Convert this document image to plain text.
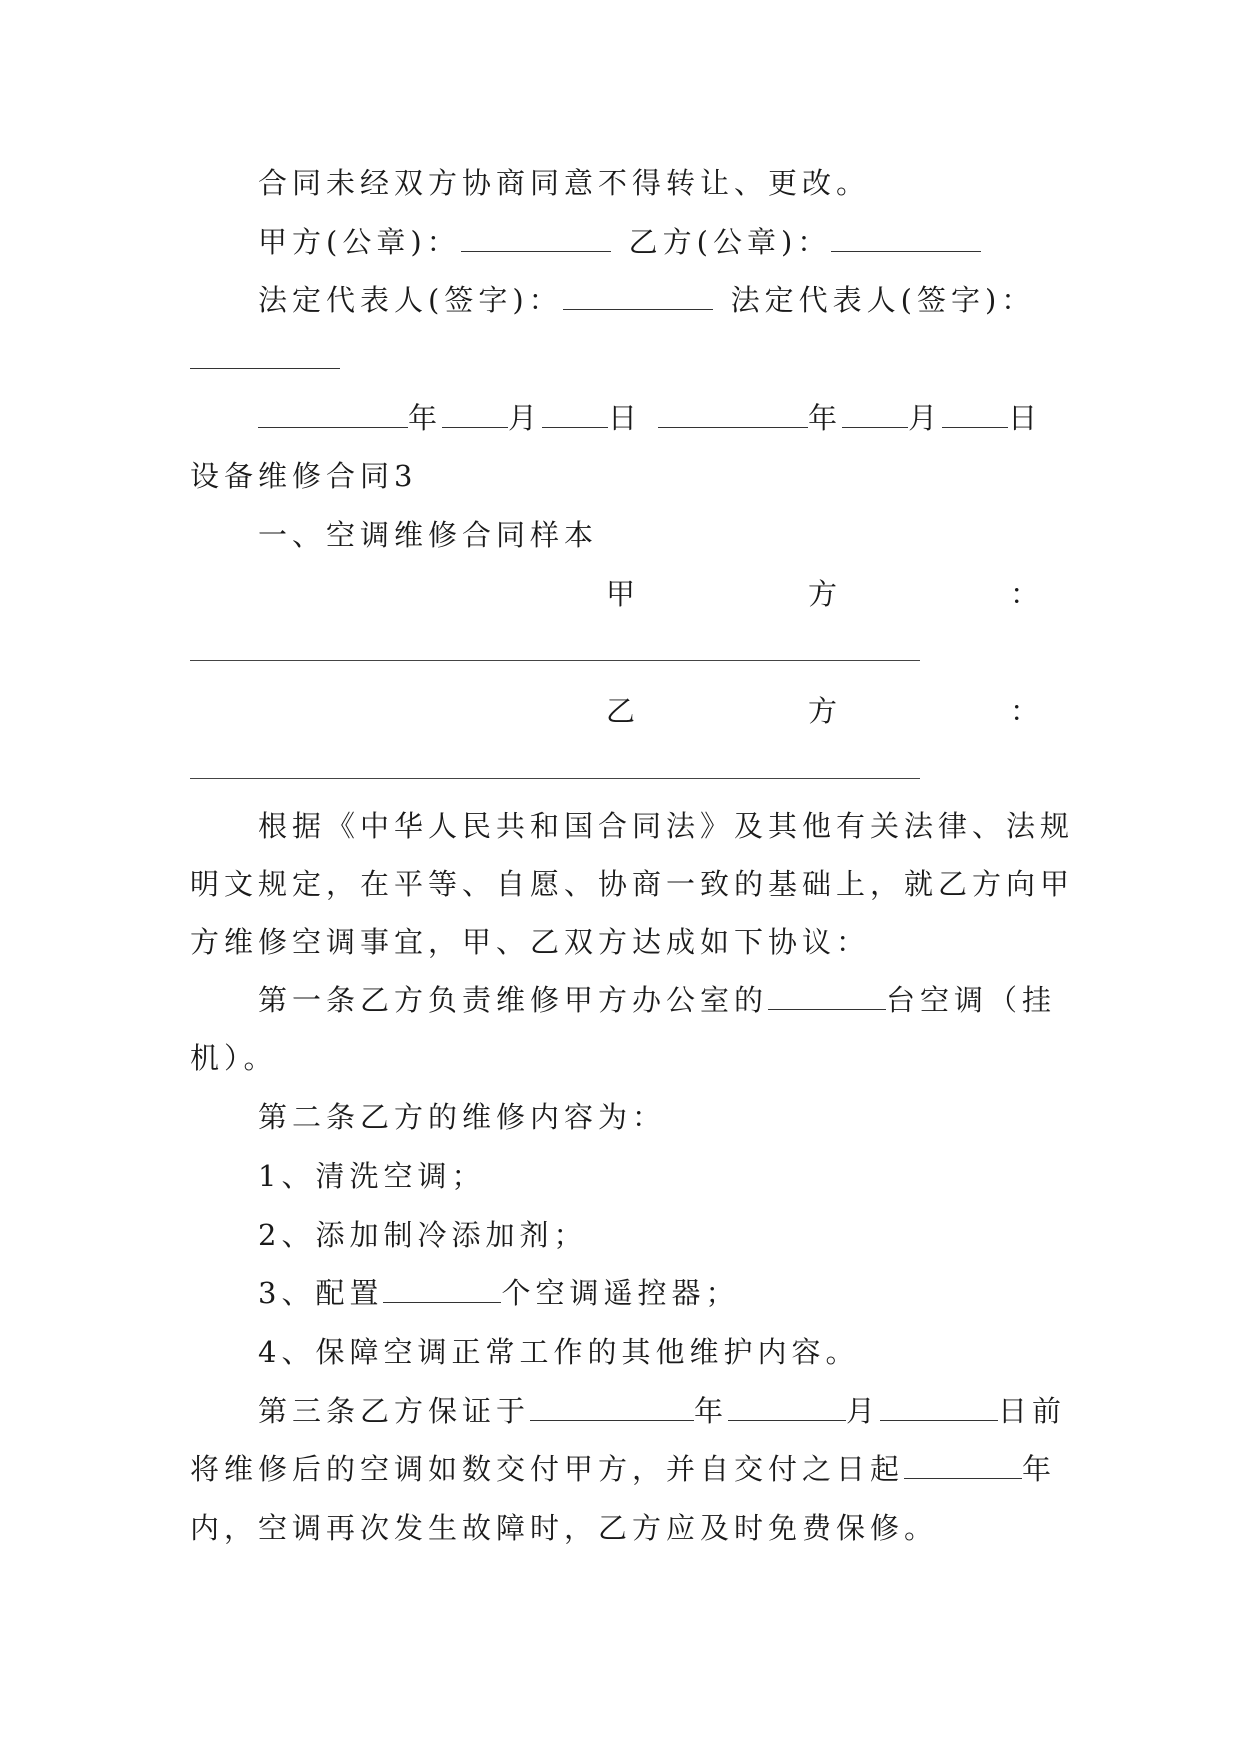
合同未经双方协商同意不得转让、更改。
甲方(公章)：	乙方(公章)：
法定代表人(签字)：	法定代表人(签字)：
年 月 日	年 月 日
设备维修合同3
一、空调维修合同样本
甲	方	：
乙	方	：
根据《中华人民共和国合同法》及其他有关法律、法规
明文规定，在平等、自愿、协商一致的基础上，就乙方向甲
方维修空调事宜，甲、乙双方达成如下协议：
第一条乙方负责维修甲方办公室的	台空调（挂
机）。
第二条乙方的维修内容为：
1、清洗空调；
2、添加制冷添加剂；
3、配置	个空调遥控器；
4、保障空调正常工作的其他维护内容。
第三条乙方保证于	年	月	日前
将维修后的空调如数交付甲方，并自交付之日起	年
内，空调再次发生故障时，乙方应及时免费保修。
